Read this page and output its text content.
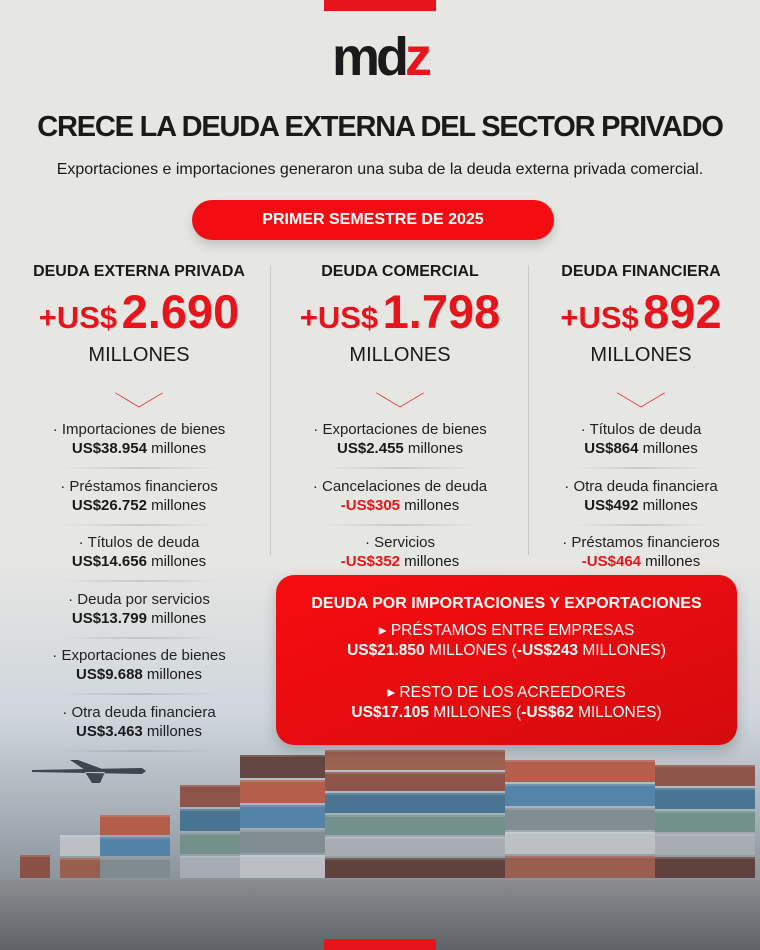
mdz
CRECE LA DEUDA EXTERNA DEL SECTOR PRIVADO
Exportaciones e importaciones generaron una suba de la deuda externa privada comercial.
PRIMER SEMESTRE DE 2025
DEUDA EXTERNA PRIVADA
+US$ 2.690
MILLONES
· Importaciones de bienes
US$38.954 millones
· Préstamos financieros
US$26.752 millones
· Títulos de deuda
US$14.656 millones
· Deuda por servicios
US$13.799 millones
· Exportaciones de bienes
US$9.688 millones
· Otra deuda financiera
US$3.463 millones
DEUDA COMERCIAL
+US$ 1.798
MILLONES
· Exportaciones de bienes
US$2.455 millones
· Cancelaciones de deuda
-US$305 millones
· Servicios
-US$352 millones
DEUDA FINANCIERA
+US$ 892
MILLONES
· Títulos de deuda
US$864 millones
· Otra deuda financiera
US$492 millones
· Préstamos financieros
-US$464 millones
DEUDA POR IMPORTACIONES Y EXPORTACIONES
▸ PRÉSTAMOS ENTRE EMPRESAS
US$21.850 MILLONES (-US$243 MILLONES)
▸ RESTO DE LOS ACREEDORES
US$17.105 MILLONES (-US$62 MILLONES)
